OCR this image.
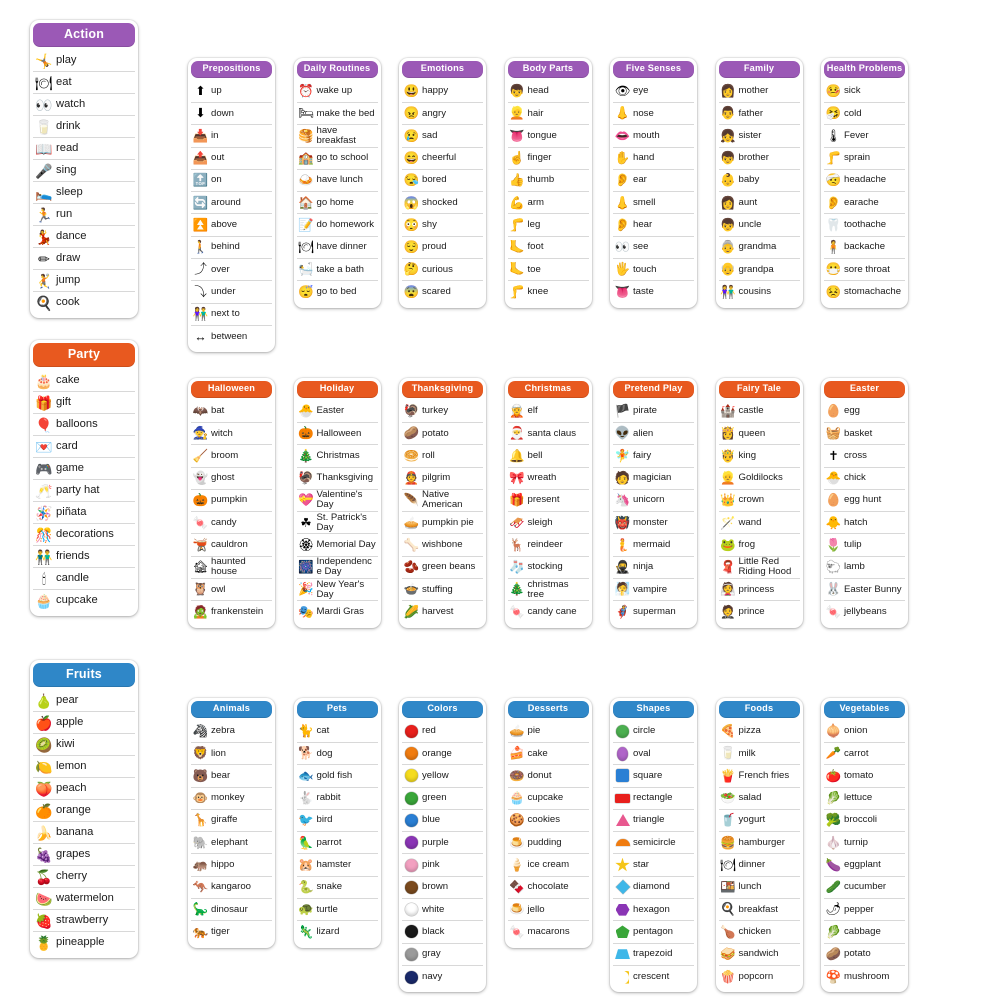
Action
🤸 play
🍽 eat
👀 watch
🥛 drink
📖 read
🎤 sing
🛌 sleep
🏃 run
💃 dance
✏ draw
🤾 jump
🍳 cook
Prepositions
⬆ up
⬇ down
📥 in
📤 out
🔝 on
🔄 around
⏫ above
🚶 behind
⤴ over
⤵ under
👫 next to
↔ between
Daily Routines
⏰ wake up
🛏 make the bed
🥞 have breakfast
🏫 go to school
🍛 have lunch
🏠 go home
📝 do homework
🍽 have dinner
🛀 take a bath
😴 go to bed
Emotions
😃 happy
😠 angry
😢 sad
😄 cheerful
😪 bored
😱 shocked
😳 shy
😌 proud
🤔 curious
😨 scared
Body Parts
👦 head
👱 hair
👅 tongue
☝ finger
👍 thumb
💪 arm
🦵 leg
🦶 foot
🦶 toe
🦵 knee
Five Senses
👁 eye
👃 nose
👄 mouth
✋ hand
👂 ear
👃 smell
👂 hear
👀 see
🖐 touch
👅 taste
Family
👩 mother
👨 father
👧 sister
👦 brother
👶 baby
👩 aunt
👦 uncle
👵 grandma
👴 grandpa
👫 cousins
Health Problems
🤒 sick
🤧 cold
🌡 Fever
🦵 sprain
🤕 headache
👂 earache
🦷 toothache
🧍 backache
😷 sore throat
😣 stomachache
Party
🎂 cake
🎁 gift
🎈 balloons
💌 card
🎮 game
🥂 party hat
🪅 piñata
🎊 decorations
👬 friends
🕯 candle
🧁 cupcake
Halloween
🦇 bat
🧙 witch
🧹 broom
👻 ghost
🎃 pumpkin
🍬 candy
🫕 cauldron
🏚 haunted house
🦉 owl
🧟 frankenstein
Holiday
🐣 Easter
🎃 Halloween
🎄 Christmas
🦃 Thanksgiving
💝 Valentine's Day
☘ St. Patrick's Day
🏵 Memorial Day
🎆 Independence Day
🎉 New Year's Day
🎭 Mardi Gras
Thanksgiving
🦃 turkey
🥔 potato
🥯 roll
👲 pilgrim
🪶 Native American
🥧 pumpkin pie
🦴 wishbone
🫘 green beans
🍲 stuffing
🌽 harvest
Christmas
🧝 elf
🎅 santa claus
🔔 bell
🎀 wreath
🎁 present
🛷 sleigh
🦌 reindeer
🧦 stocking
🎄 christmas tree
🍬 candy cane
Pretend Play
🏴 pirate
👽 alien
🧚 fairy
🧑 magician
🦄 unicorn
👹 monster
🧜 mermaid
🥷 ninja
🧖 vampire
🦸 superman
Fairy Tale
🏰 castle
👸 queen
🤴 king
👱 Goldilocks
👑 crown
🪄 wand
🐸 frog
🧣 Little Red Riding Hood
👰 princess
🤵 prince
Easter
🥚 egg
🧺 basket
✝ cross
🐣 chick
🥚 egg hunt
🐥 hatch
🌷 tulip
🐑 lamb
🐰 Easter Bunny
🍬 jellybeans
Fruits
🍐 pear
🍎 apple
🥝 kiwi
🍋 lemon
🍑 peach
🍊 orange
🍌 banana
🍇 grapes
🍒 cherry
🍉 watermelon
🍓 strawberry
🍍 pineapple
Animals
🦓 zebra
🦁 lion
🐻 bear
🐵 monkey
🦒 giraffe
🐘 elephant
🦛 hippo
🦘 kangaroo
🦕 dinosaur
🐅 tiger
Pets
🐈 cat
🐕 dog
🐟 gold fish
🐇 rabbit
🐦 bird
🦜 parrot
🐹 hamster
🐍 snake
🐢 turtle
🦎 lizard
Colors
red
orange
yellow
green
blue
purple
pink
brown
white
black
gray
navy
Desserts
🥧 pie
🍰 cake
🍩 donut
🧁 cupcake
🍪 cookies
🍮 pudding
🍦 ice cream
🍫 chocolate
🍮 jello
🍬 macarons
Shapes
circle
oval
square
rectangle
triangle
semicircle
star
diamond
hexagon
pentagon
trapezoid
crescent
Foods
🍕 pizza
🥛 milk
🍟 French fries
🥗 salad
🥤 yogurt
🍔 hamburger
🍽 dinner
🍱 lunch
🍳 breakfast
🍗 chicken
🥪 sandwich
🍿 popcorn
Vegetables
🧅 onion
🥕 carrot
🍅 tomato
🥬 lettuce
🥦 broccoli
🧄 turnip
🍆 eggplant
🥒 cucumber
🌶 pepper
🥬 cabbage
🥔 potato
🍄 mushroom
